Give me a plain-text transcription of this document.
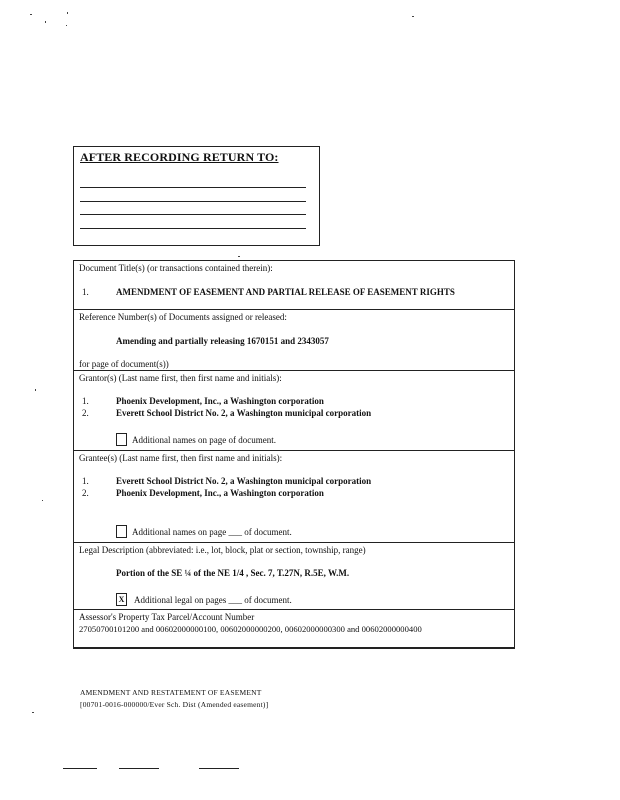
AFTER RECORDING RETURN TO:
Document Title(s) (or transactions contained therein):
1.	AMENDMENT OF EASEMENT AND PARTIAL RELEASE OF EASEMENT RIGHTS
Reference Number(s) of Documents assigned or released:
Amending and partially releasing 1670151 and 2343057
for page of document(s))
Grantor(s) (Last name first, then first name and initials):
1.	Phoenix Development, Inc., a Washington corporation
2.	Everett School District No. 2, a Washington municipal corporation
Additional names on page of document.
Grantee(s) (Last name first, then first name and initials):
1.	Everett School District No. 2, a Washington municipal corporation
2.	Phoenix Development, Inc., a Washington corporation
Additional names on page ___ of document.
Legal Description (abbreviated: i.e., lot, block, plat or section, township, range)
Portion of the SE ¼ of the NE 1/4 , Sec. 7, T.27N, R.5E, W.M.
X Additional legal on pages ___ of document.
Assessor's Property Tax Parcel/Account Number
27050700101200 and 00602000000100, 00602000000200, 00602000000300 and 00602000000400
AMENDMENT AND RESTATEMENT OF EASEMENT
[00701-0016-000000/Ever Sch. Dist (Amended easement)]
